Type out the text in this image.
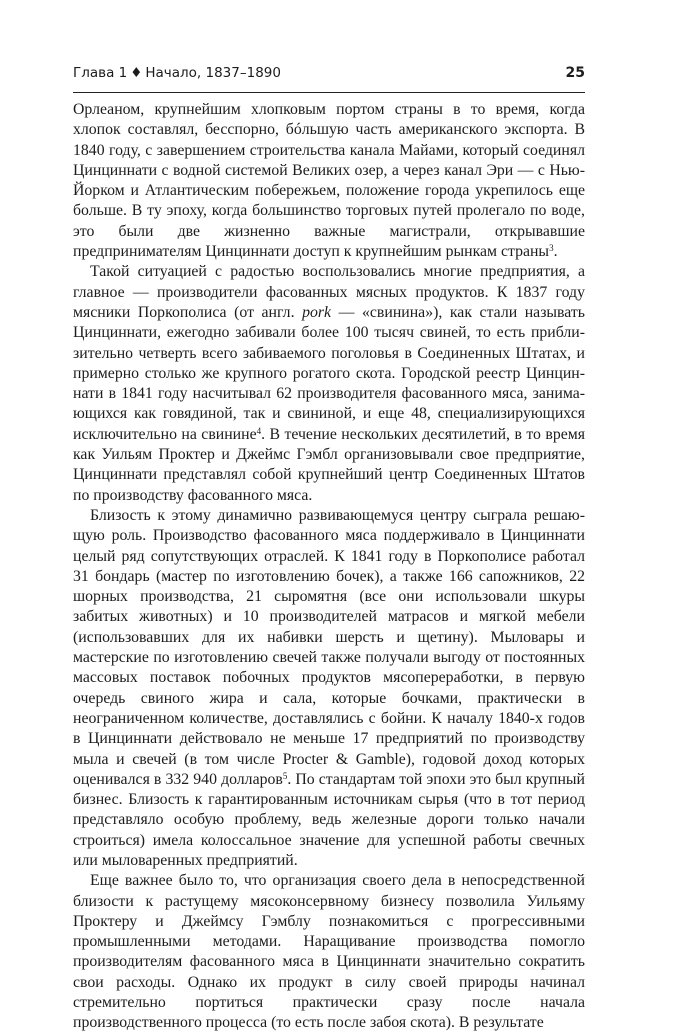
Глава 1 ♦ Начало, 1837–1890	25

Орлеаном, крупнейшим хлопковым портом страны в то время, когда хлопок составлял, бесспорно, бóльшую часть американского экспорта. В 1840 году, с завершением строительства канала Майами, который соединял Цинциннати с водной системой Великих озер, а через канал Эри — с Нью-Йорком и Атлантическим побережьем, положение города укрепилось еще больше. В ту эпоху, когда большинство торговых путей пролегало по воде, это были две жизненно важные магистрали, открывавшие предпринимателям Цинциннати доступ к крупнейшим рынкам страны$^3$.

Такой ситуацией с радостью воспользовались многие предприятия, а главное — производители фасованных мясных продуктов. К 1837 году мясники Поркополиса (от англ. pork — «свинина»), как стали называть Цинциннати, ежегодно забивали более 100 тысяч свиней, то есть приблизительно четверть всего забиваемого поголовья в Соединенных Штатах, и примерно столько же крупного рогатого скота. Городской реестр Цинциннати в 1841 году насчитывал 62 производителя фасованного мяса, занимающихся как говядиной, так и свининой, и еще 48, специализирующихся исключительно на свинине$^4$. В течение нескольких десятилетий, в то время как Уильям Проктер и Джеймс Гэмбл организовывали свое предприятие, Цинциннати представлял собой крупнейший центр Соединенных Штатов по производству фасованного мяса.

Близость к этому динамично развивающемуся центру сыграла решающую роль. Производство фасованного мяса поддерживало в Цинциннати целый ряд сопутствующих отраслей. К 1841 году в Поркополисе работал 31 бондарь (мастер по изготовлению бочек), а также 166 сапожников, 22 шорных производства, 21 сыромятня (все они использовали шкуры забитых животных) и 10 производителей матрасов и мягкой мебели (использовавших для их набивки шерсть и щетину). Мыловары и мастерские по изготовлению свечей также получали выгоду от постоянных массовых поставок побочных продуктов мясопереработки, в первую очередь свиного жира и сала, которые бочками, практически в неограниченном количестве, доставлялись с бойни. К началу 1840-х годов в Цинциннати действовало не меньше 17 предприятий по производству мыла и свечей (в том числе Procter & Gamble), годовой доход которых оценивался в 332 940 долларов$^5$. По стандартам той эпохи это был крупный бизнес. Близость к гарантированным источникам сырья (что в тот период представляло особую проблему, ведь железные дороги только начали строиться) имела колоссальное значение для успешной работы свечных или мыловаренных предприятий.

Еще важнее было то, что организация своего дела в непосредственной близости к растущему мясоконсервному бизнесу позволила Уильяму Проктеру и Джеймсу Гэмблу познакомиться с прогрессивными промышленными методами. Наращивание производства помогло производителям фасованного мяса в Цинциннати значительно сократить свои расходы. Однако их продукт в силу своей природы начинал стремительно портиться практически сразу после начала производственного процесса (то есть после забоя скота). В результате
